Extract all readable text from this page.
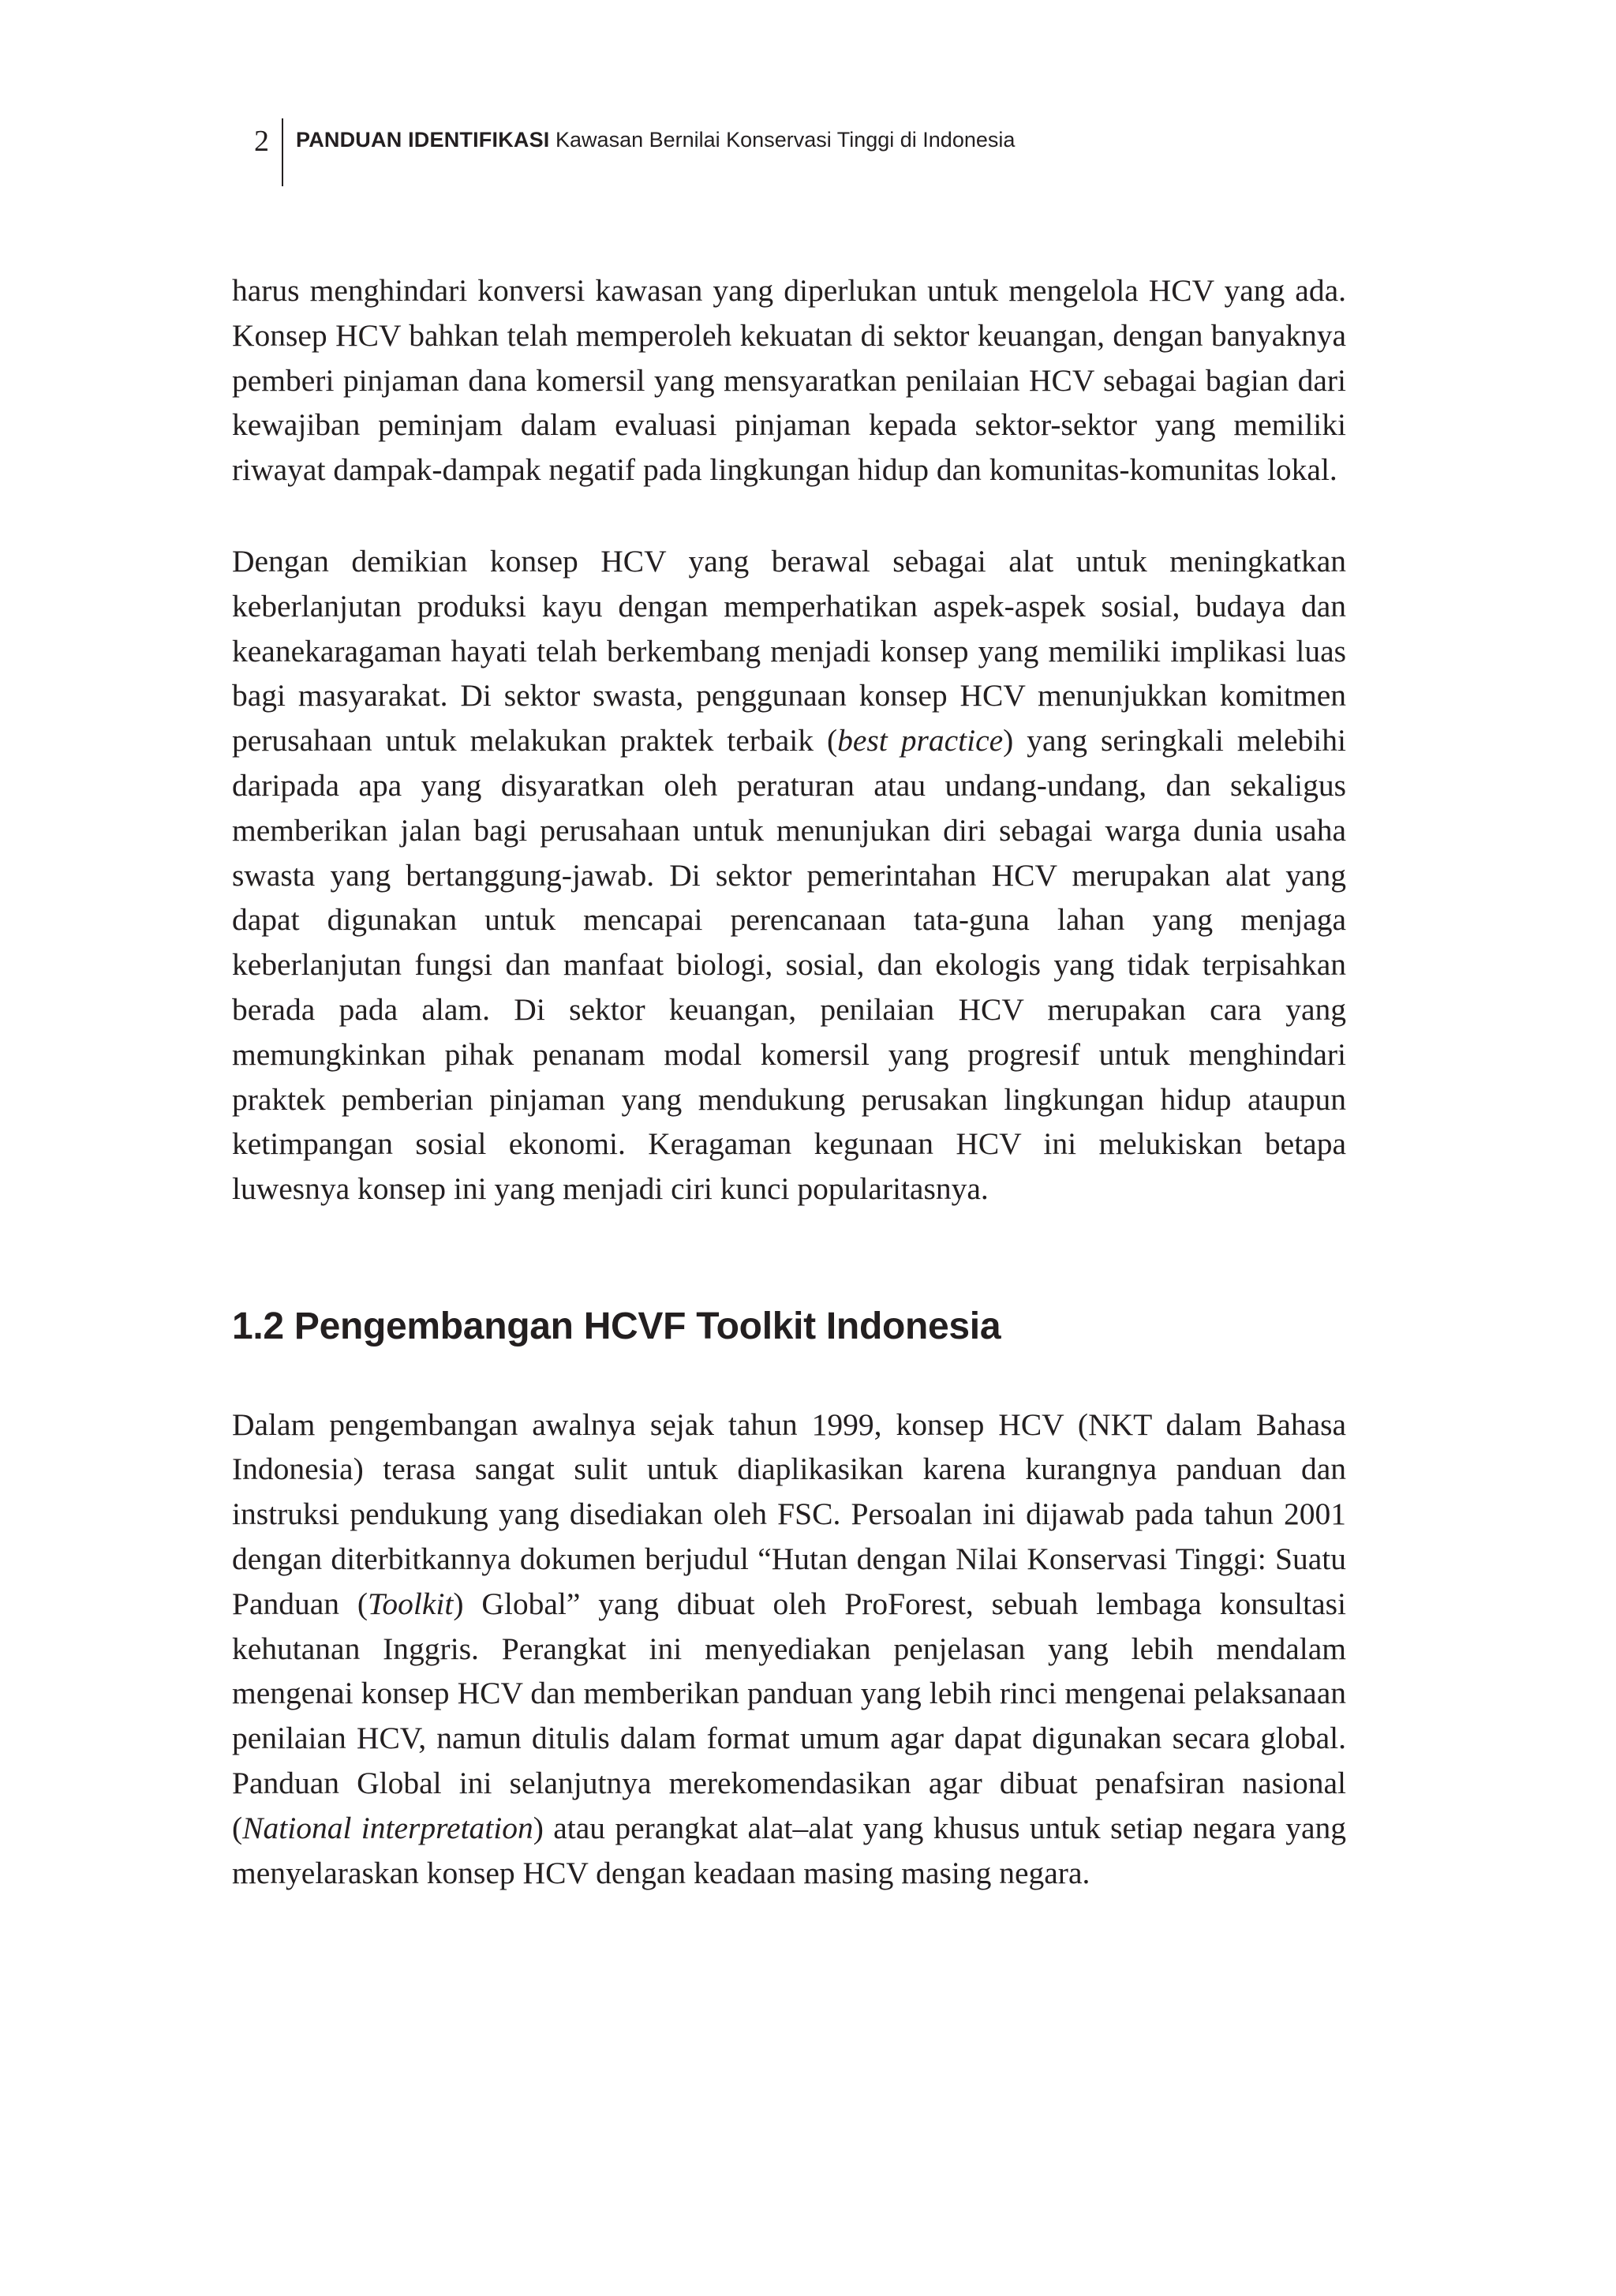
2	PANDUAN IDENTIFIKASI Kawasan Bernilai Konservasi Tinggi di Indonesia

harus menghindari konversi kawasan yang diperlukan untuk mengelola HCV yang ada. Konsep HCV bahkan telah memperoleh kekuatan di sektor keuangan, dengan banyaknya pemberi pinjaman dana komersil yang mensyaratkan penilaian HCV sebagai bagian dari kewajiban peminjam dalam evaluasi pinjaman kepada sektor-sektor yang memiliki riwayat dampak-dampak negatif pada lingkungan hidup dan komunitas-komunitas lokal.

Dengan demikian konsep HCV yang berawal sebagai alat untuk meningkatkan keberlanjutan produksi kayu dengan memperhatikan aspek-aspek sosial, budaya dan keanekaragaman hayati telah berkembang menjadi konsep yang memiliki implikasi luas bagi masyarakat. Di sektor swasta, penggunaan konsep HCV menunjukkan komitmen perusahaan untuk melakukan praktek terbaik (best practice) yang seringkali melebihi daripada apa yang disyaratkan oleh peraturan atau undang-undang, dan sekaligus memberikan jalan bagi perusahaan untuk menunjukan diri sebagai warga dunia usaha swasta yang bertanggung-jawab. Di sektor pemerintahan HCV merupakan alat yang dapat digunakan untuk mencapai perencanaan tata-guna lahan yang menjaga keberlanjutan fungsi dan manfaat biologi, sosial, dan ekologis yang tidak terpisahkan berada pada alam. Di sektor keuangan, penilaian HCV merupakan cara yang memungkinkan pihak penanam modal komersil yang progresif untuk menghindari praktek pemberian pinjaman yang mendukung perusakan lingkungan hidup ataupun ketimpangan sosial ekonomi. Keragaman kegunaan HCV ini melukiskan betapa luwesnya konsep ini yang menjadi ciri kunci popularitasnya.

1.2 Pengembangan HCVF Toolkit Indonesia

Dalam pengembangan awalnya sejak tahun 1999, konsep HCV (NKT dalam Bahasa Indonesia) terasa sangat sulit untuk diaplikasikan karena kurangnya panduan dan instruksi pendukung yang disediakan oleh FSC. Persoalan ini dijawab pada tahun 2001 dengan diterbitkannya dokumen berjudul “Hutan dengan Nilai Konservasi Tinggi: Suatu Panduan (Toolkit) Global” yang dibuat oleh ProForest, sebuah lembaga konsultasi kehutanan Inggris. Perangkat ini menyediakan penjelasan yang lebih mendalam mengenai konsep HCV dan memberikan panduan yang lebih rinci mengenai pelaksanaan penilaian HCV, namun ditulis dalam format umum agar dapat digunakan secara global. Panduan Global ini selanjutnya merekomendasikan agar dibuat penafsiran nasional (National interpretation) atau perangkat alat–alat yang khusus untuk setiap negara yang menyelaraskan konsep HCV dengan keadaan masing masing negara.
